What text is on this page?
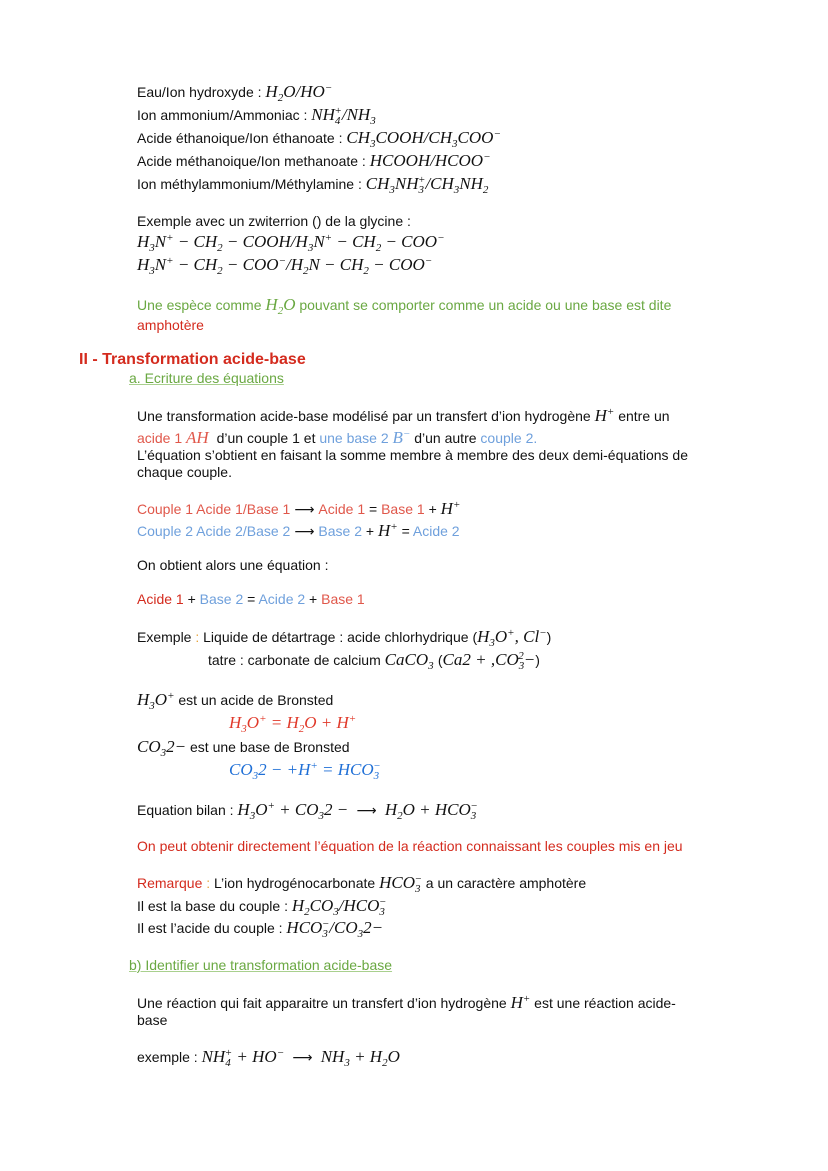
Eau/Ion hydroxyde : $H_2O/HO^-$
Ion ammonium/Ammoniac : $NH_4^+/NH_3$
Acide éthanoique/Ion éthanoate : $CH_3COOH/CH_3COO^-$
Acide méthanoique/Ion methanoate : HCOOH/HCOO−
Ion méthylammonium/Méthylamine : $CH_3NH_3^+/CH_3NH_2$
Exemple avec un zwiterrion () de la glycine :
$H_3N^+ - CH_2$ − COOH/$H_3N^+ - CH_2 - COO^-$
$H_3N^+ - CH_2 - COO^-/H_2N - CH_2 - COO^-$
Une espèce comme $H_2O$ pouvant se comporter comme un acide ou une base est dite
amphotère
II - Transformation acide-base
a. Ecriture des équations
Une transformation acide-base modélisé par un transfert d’ion hydrogène H+ entre un
acide 1 AH d’un couple 1 et une base 2 B− d’un autre couple 2.
L’équation s’obtient en faisant la somme membre à membre des deux demi-équations de
chaque couple.
Couple 1 Acide 1/Base 1 ⟶ Acide 1 = Base 1 + H+
Couple 2 Acide 2/Base 2 ⟶ Base 2 + H+ = Acide 2
On obtient alors une équation :
Acide 1 + Base 2 = Acide 2 + Base 1
Exemple : Liquide de détartrage : acide chlorhydrique ($H_3O^+$, Cl−)
tatre : carbonate de calcium CaCO$_3$ $(Ca2 + ,CO_3^2-)$
$H_3O^+$ est un acide de Bronsted
$H_3O^+ = H_2O + H^+$
$CO_32-$ est une base de Bronsted
$CO_32 - +H^+ = HCO_3^-$
Equation bilan : $H_3O^+ + CO_32$ − ⟶ $H_2O + HCO_3^-$
On peut obtenir directement l’équation de la réaction connaissant les couples mis en jeu
Remarque : L’ion hydrogénocarbonate $HCO_3^-$ a un caractère amphotère
Il est la base du couple : $H_2CO_3/HCO_3^-$
Il est l’acide du couple : $HCO_3^-/CO_32-$
b) Identifier une transformation acide-base
Une réaction qui fait apparaitre un transfert d’ion hydrogène H+ est une réaction acide-
base
exemple : $NH_4^+ + HO^-$ ⟶ $NH_3 + H_2O$
